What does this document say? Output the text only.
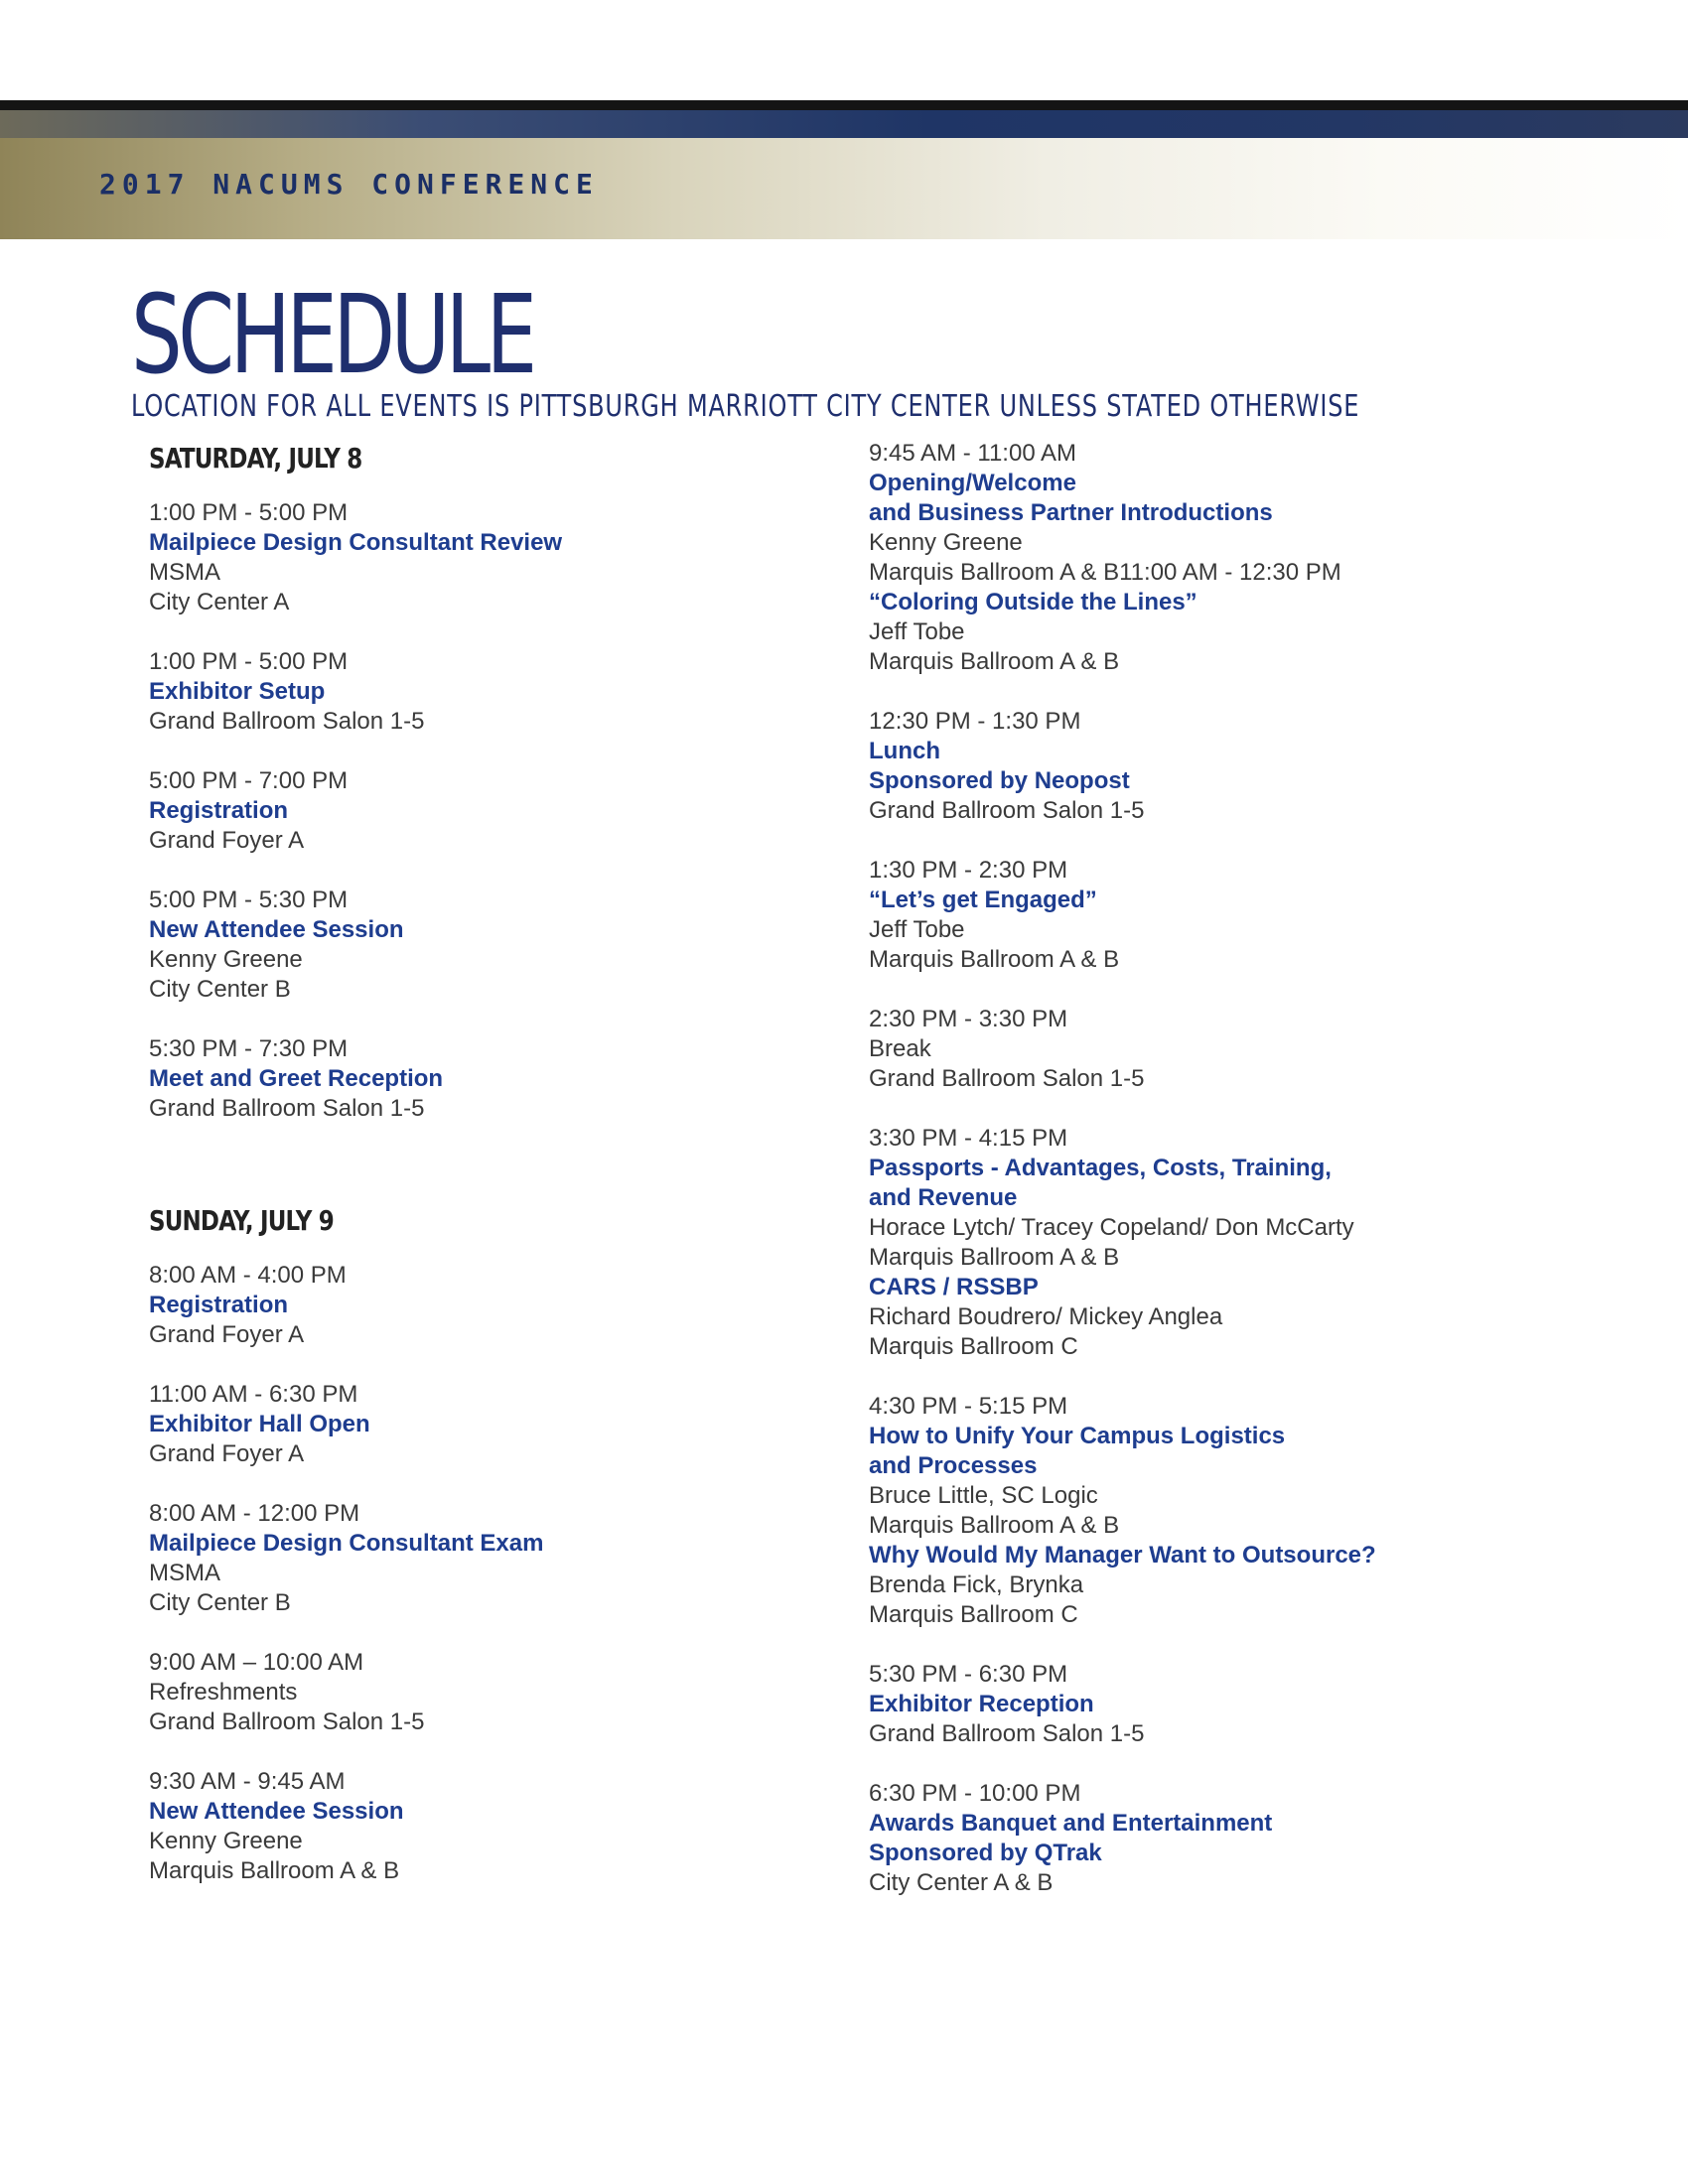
2017 NACUMS CONFERENCE
SCHEDULE
LOCATION FOR ALL EVENTS IS PITTSBURGH MARRIOTT CITY CENTER UNLESS STATED OTHERWISE
SATURDAY, JULY 8
1:00 PM - 5:00 PM
Mailpiece Design Consultant Review
MSMA
City Center A
1:00 PM - 5:00 PM
Exhibitor Setup
Grand Ballroom Salon 1-5
5:00 PM - 7:00 PM
Registration
Grand Foyer A
5:00 PM - 5:30 PM
New Attendee Session
Kenny Greene
City Center B
5:30 PM - 7:30 PM
Meet and Greet Reception
Grand Ballroom Salon 1-5
SUNDAY, JULY 9
8:00 AM - 4:00 PM
Registration
Grand Foyer A
11:00 AM - 6:30 PM
Exhibitor Hall Open
Grand Foyer A
8:00 AM - 12:00 PM
Mailpiece Design Consultant Exam
MSMA
City Center B
9:00 AM – 10:00 AM
Refreshments
Grand Ballroom Salon 1-5
9:30 AM - 9:45 AM
New Attendee Session
Kenny Greene
Marquis Ballroom A & B
9:45 AM - 11:00 AM
Opening/Welcome
and Business Partner Introductions
Kenny Greene
Marquis Ballroom A & B11:00 AM - 12:30 PM
“Coloring Outside the Lines”
Jeff Tobe
Marquis Ballroom A & B
12:30 PM - 1:30 PM
Lunch
Sponsored by Neopost
Grand Ballroom Salon 1-5
1:30 PM - 2:30 PM
“Let’s get Engaged”
Jeff Tobe
Marquis Ballroom A & B
2:30 PM - 3:30 PM
Break
Grand Ballroom Salon 1-5
3:30 PM - 4:15 PM
Passports - Advantages, Costs, Training,
and Revenue
Horace Lytch/ Tracey Copeland/ Don McCarty
Marquis Ballroom A & B
CARS / RSSBP
Richard Boudrero/ Mickey Anglea
Marquis Ballroom C
4:30 PM - 5:15 PM
How to Unify Your Campus Logistics
and Processes
Bruce Little, SC Logic
Marquis Ballroom A & B
Why Would My Manager Want to Outsource?
Brenda Fick, Brynka
Marquis Ballroom C
5:30 PM - 6:30 PM
Exhibitor Reception
Grand Ballroom Salon 1-5
6:30 PM - 10:00 PM
Awards Banquet and Entertainment
Sponsored by QTrak
City Center A & B
